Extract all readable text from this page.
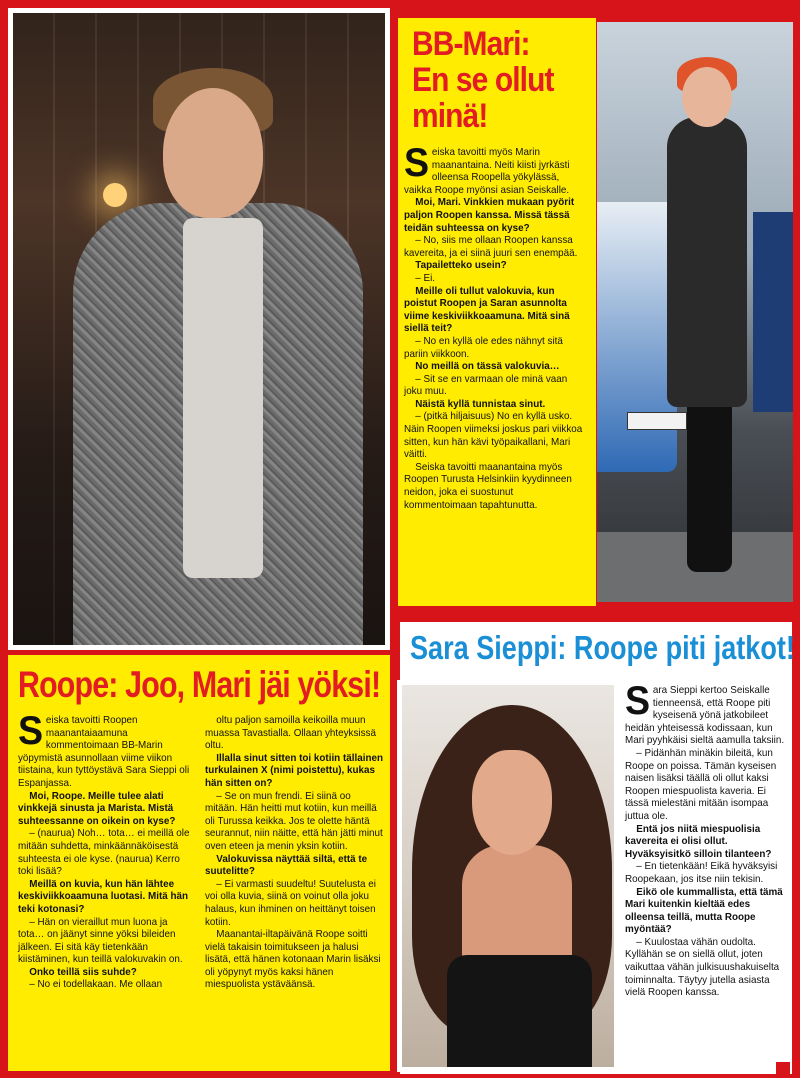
BB-Mari: En se ollut minä!

Seiska tavoitti myös Marin maanantaina. Neiti kiisti jyrkästi olleensa Roopella yökylässä, vaikka Roope myönsi asian Seiskalle.

Moi, Mari. Vinkkien mukaan pyörit paljon Roopen kanssa. Missä tässä teidän suhteessa on kyse?

– No, siis me ollaan Roopen kanssa kavereita, ja ei siinä juuri sen enempää.

Tapailetteko usein?

– Ei.

Meille oli tullut valokuvia, kun poistut Roopen ja Saran asunnolta viime keskiviikkoaamuna. Mitä sinä siellä teit?

– No en kyllä ole edes nähnyt sitä pariin viikkoon.

No meillä on tässä valokuvia…

– Sit se en varmaan ole minä vaan joku muu.

Näistä kyllä tunnistaa sinut.

– (pitkä hiljaisuus) No en kyllä usko. Näin Roopen viimeksi joskus pari viikkoa sitten, kun hän kävi työpaikallani, Mari väitti.

Seiska tavoitti maanantaina myös Roopen Turusta Helsinkiin kyydinneen neidon, joka ei suostunut kommentoimaan tapahtunutta.

Roope: Joo, Mari jäi yöksi!

Seiska tavoitti Roopen maanantaiaamuna kommentoimaan BB-Marin yöpymistä asunnollaan viime viikon tiistaina, kun tyttöystävä Sara Sieppi oli Espanjassa.

Moi, Roope. Meille tulee alati vinkkejä sinusta ja Marista. Mistä suhteessanne on oikein on kyse?

– (naurua) Noh… tota… ei meillä ole mitään suhdetta, minkäännäköisestä suhteesta ei ole kyse. (naurua) Kerro toki lisää?

Meillä on kuvia, kun hän lähtee keskiviikkoaamuna luotasi. Mitä hän teki kotonasi?

– Hän on vieraillut mun luona ja tota… on jäänyt sinne yöksi bileiden jälkeen. Ei sitä käy tietenkään kiistäminen, kun teillä valokuvakin on.

Onko teillä siis suhde?

– No ei todellakaan. Me ollaan

oltu paljon samoilla keikoilla muun muassa Tavastialla. Ollaan yhteyksissä oltu.

Illalla sinut sitten toi kotiin tällainen turkulainen X (nimi poistettu), kukas hän sitten on?

– Se on mun frendi. Ei siinä oo mitään. Hän heitti mut kotiin, kun meillä oli Turussa keikka. Jos te olette häntä seurannut, niin näitte, että hän jätti minut oven eteen ja menin yksin kotiin.

Valokuvissa näyttää siltä, että te suutelitte?

– Ei varmasti suudeltu! Suutelusta ei voi olla kuvia, siinä on voinut olla joku halaus, kun ihminen on heittänyt toisen kotiin.

Maanantai-iltapäivänä Roope soitti vielä takaisin toimitukseen ja halusi lisätä, että hänen kotonaan Marin lisäksi oli yöpynyt myös kaksi hänen miespuolista ystäväänsä.

Sara Sieppi: Roope piti jatkot!

Sara Sieppi kertoo Seiskalle tienneensä, että Roope piti kyseisenä yönä jatkobileet heidän yhteisessä kodissaan, kun Mari pyyhkäisi sieltä aamulla taksiin.

– Pidänhän minäkin bileitä, kun Roope on poissa. Tämän kyseisen naisen lisäksi täällä oli ollut kaksi Roopen miespuolista kaveria. Ei tässä mielestäni mitään isompaa juttua ole.

Entä jos niitä miespuolisia kavereita ei olisi ollut. Hyväksyisitkö silloin tilanteen?

– En tietenkään! Eikä hyväksyisi Roopekaan, jos itse niin tekisin.

Eikö ole kummallista, että tämä Mari kuitenkin kieltää edes olleensa teillä, mutta Roope myöntää?

– Kuulostaa vähän oudolta. Kyllähän se on siellä ollut, joten vaikuttaa vähän julkisuushakuiselta toiminnalta. Täytyy jutella asiasta vielä Roopen kanssa.
